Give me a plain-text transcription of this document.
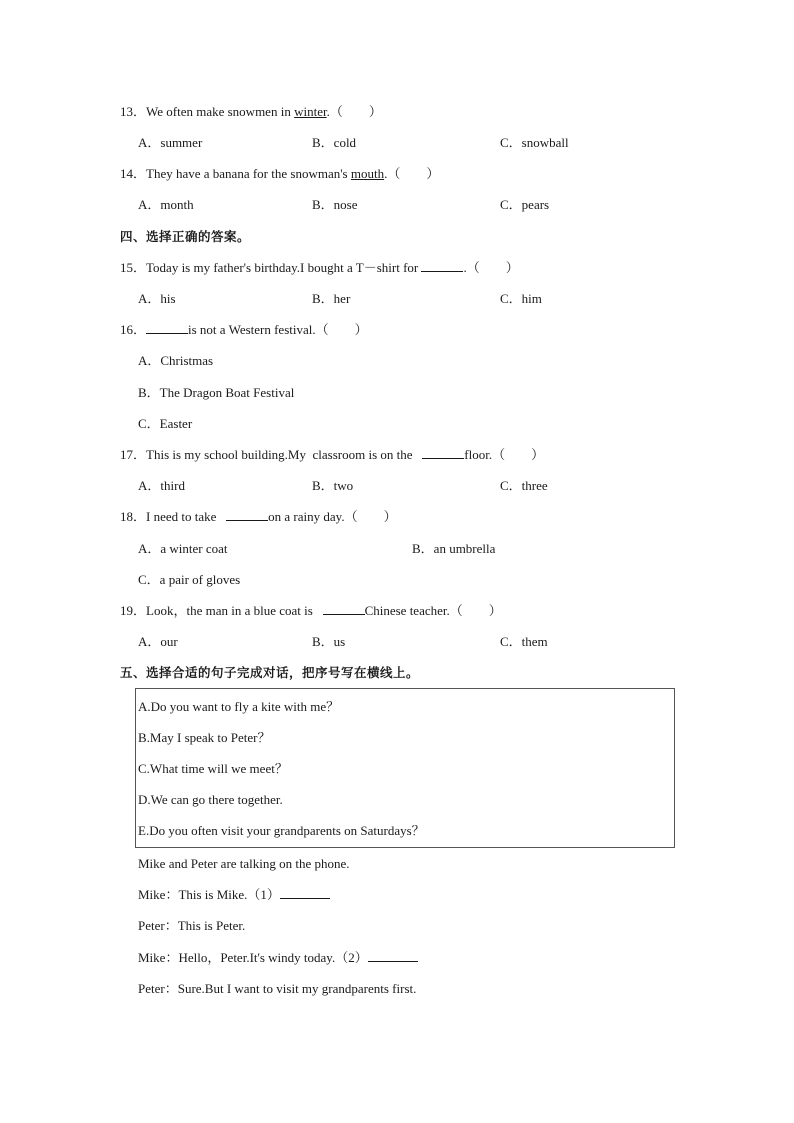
13．We often make snowmen in winter.（　　）
A．summer	B．cold	C．snowball
14．They have a banana for the snowman's mouth.（　　）
A．month	B．nose	C．pears
四、选择正确的答案。
15．Today is my father's birthday.I bought a T－shirt for	.（　　）
A．his	B．her	C．him
16．	is not a Western festival.（　　）
A．Christmas
B．The Dragon Boat Festival
C．Easter
17．This is my school building.My  classroom is on the	floor.（　　）
A．third	B．two	C．three
18．I need to take	on a rainy day.（　　）
A．a winter coat	B．an umbrella
C．a pair of gloves
19．Look，the man in a blue coat is	Chinese teacher.（　　）
A．our	B．us	C．them
五、选择合适的句子完成对话，把序号写在横线上。
A.Do you want to fly a kite with me？
B.May I speak to Peter？
C.What time will we meet？
D.We can go there together.
E.Do you often visit your grandparents on Saturdays？
Mike and Peter are talking on the phone.
Mike：This is Mike.（1）
Peter：This is Peter.
Mike：Hello，Peter.It's windy today.（2）
Peter：Sure.But I want to visit my grandparents first.
